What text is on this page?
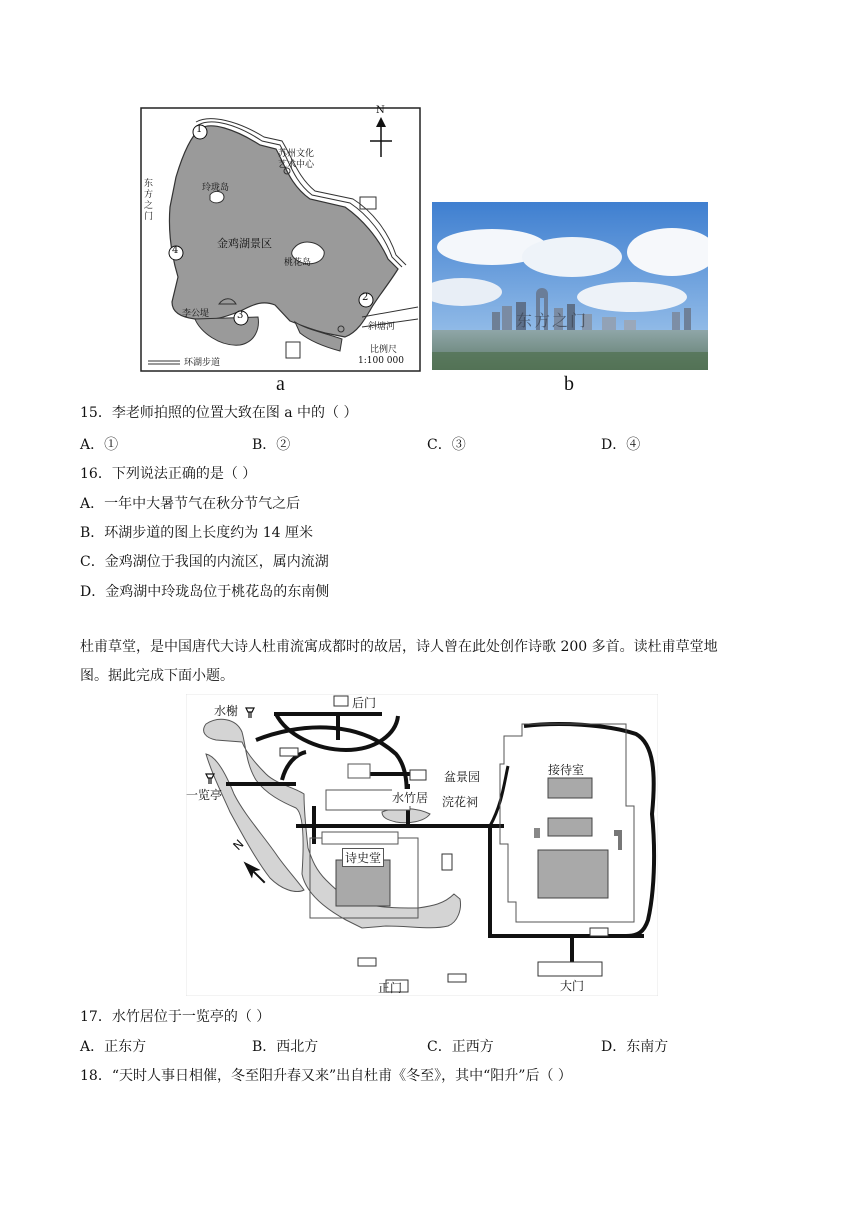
N
1
2
3
4
苏州文化
艺术中心
玲珑岛
东
方
之
门
金鸡湖景区
桃花岛
李公堤
斜塘河
比例尺
1:100 000
环湖步道
a
东方之门
b
15．李老师拍照的位置大致在图 a 中的（ ）
A．①	B．②	C．③	D．④
16．下列说法正确的是（ ）
A．一年中大暑节气在秋分节气之后
B．环湖步道的图上长度约为 14 厘米
C．金鸡湖位于我国的内流区，属内流湖
D．金鸡湖中玲珑岛位于桃花岛的东南侧
杜甫草堂，是中国唐代大诗人杜甫流寓成都时的故居，诗人曾在此处创作诗歌 200 多首。读杜甫草堂地
图。据此完成下面小题。
后门
水榭
一览亭
接待室
盆景园
水竹居 浣花祠
诗史堂
正门	大门
N
17．水竹居位于一览亭的（ ）
A．正东方	B．西北方	C．正西方	D．东南方
18．“天时人事日相催，冬至阳升春又来”出自杜甫《冬至》，其中“阳升”后（ ）
